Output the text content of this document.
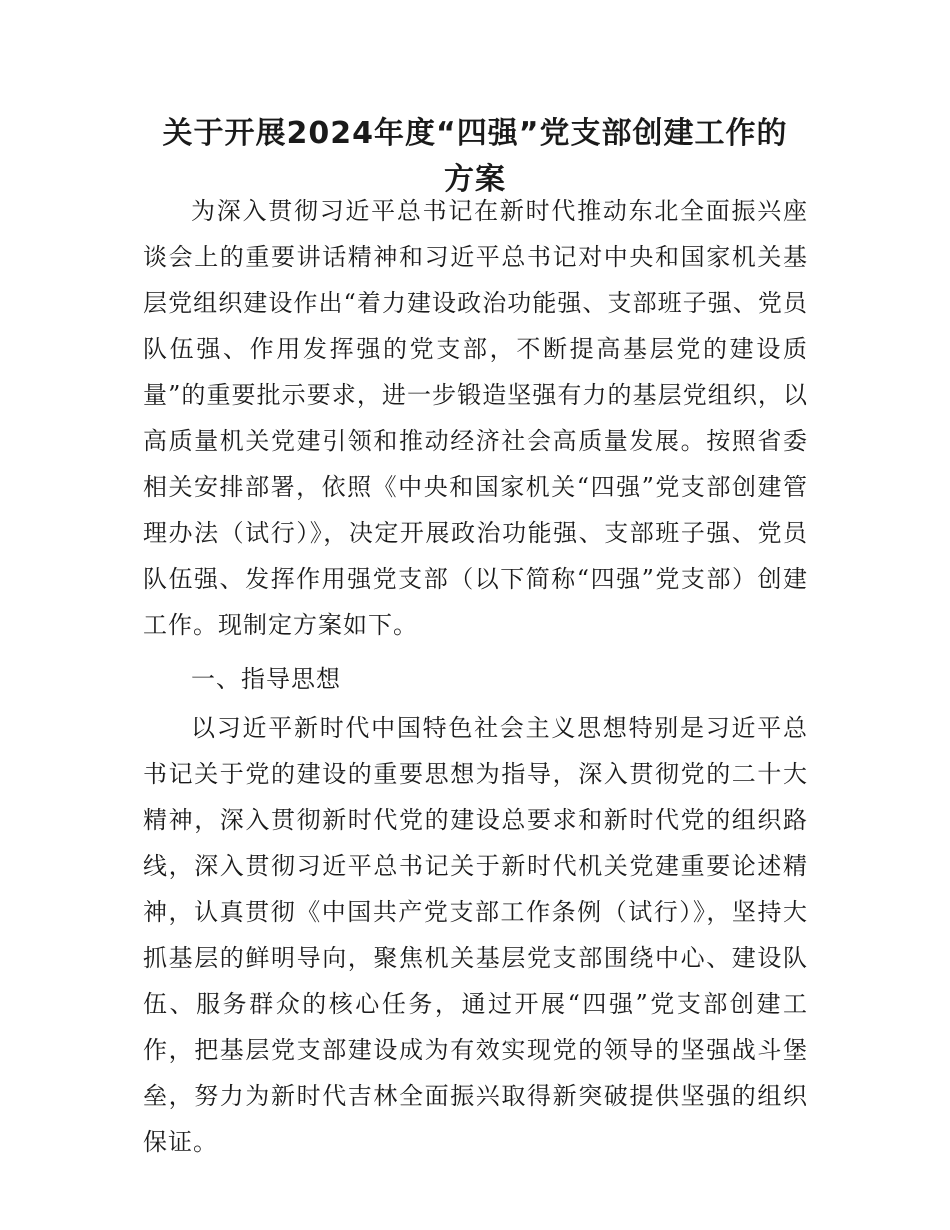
关于开展2024年度“四强”党支部创建工作的
方案

为深入贯彻习近平总书记在新时代推动东北全面振兴座谈会上的重要讲话精神和习近平总书记对中央和国家机关基层党组织建设作出“着力建设政治功能强、支部班子强、党员队伍强、作用发挥强的党支部，不断提高基层党的建设质量”的重要批示要求，进一步锻造坚强有力的基层党组织，以高质量机关党建引领和推动经济社会高质量发展。按照省委相关安排部署，依照《中央和国家机关“四强”党支部创建管理办法（试行）》，决定开展政治功能强、支部班子强、党员队伍强、发挥作用强党支部（以下简称“四强”党支部）创建工作。现制定方案如下。

一、指导思想

以习近平新时代中国特色社会主义思想特别是习近平总书记关于党的建设的重要思想为指导，深入贯彻党的二十大精神，深入贯彻新时代党的建设总要求和新时代党的组织路线，深入贯彻习近平总书记关于新时代机关党建重要论述精神，认真贯彻《中国共产党支部工作条例（试行）》，坚持大抓基层的鲜明导向，聚焦机关基层党支部围绕中心、建设队伍、服务群众的核心任务，通过开展“四强”党支部创建工作，把基层党支部建设成为有效实现党的领导的坚强战斗堡垒，努力为新时代吉林全面振兴取得新突破提供坚强的组织保证。
